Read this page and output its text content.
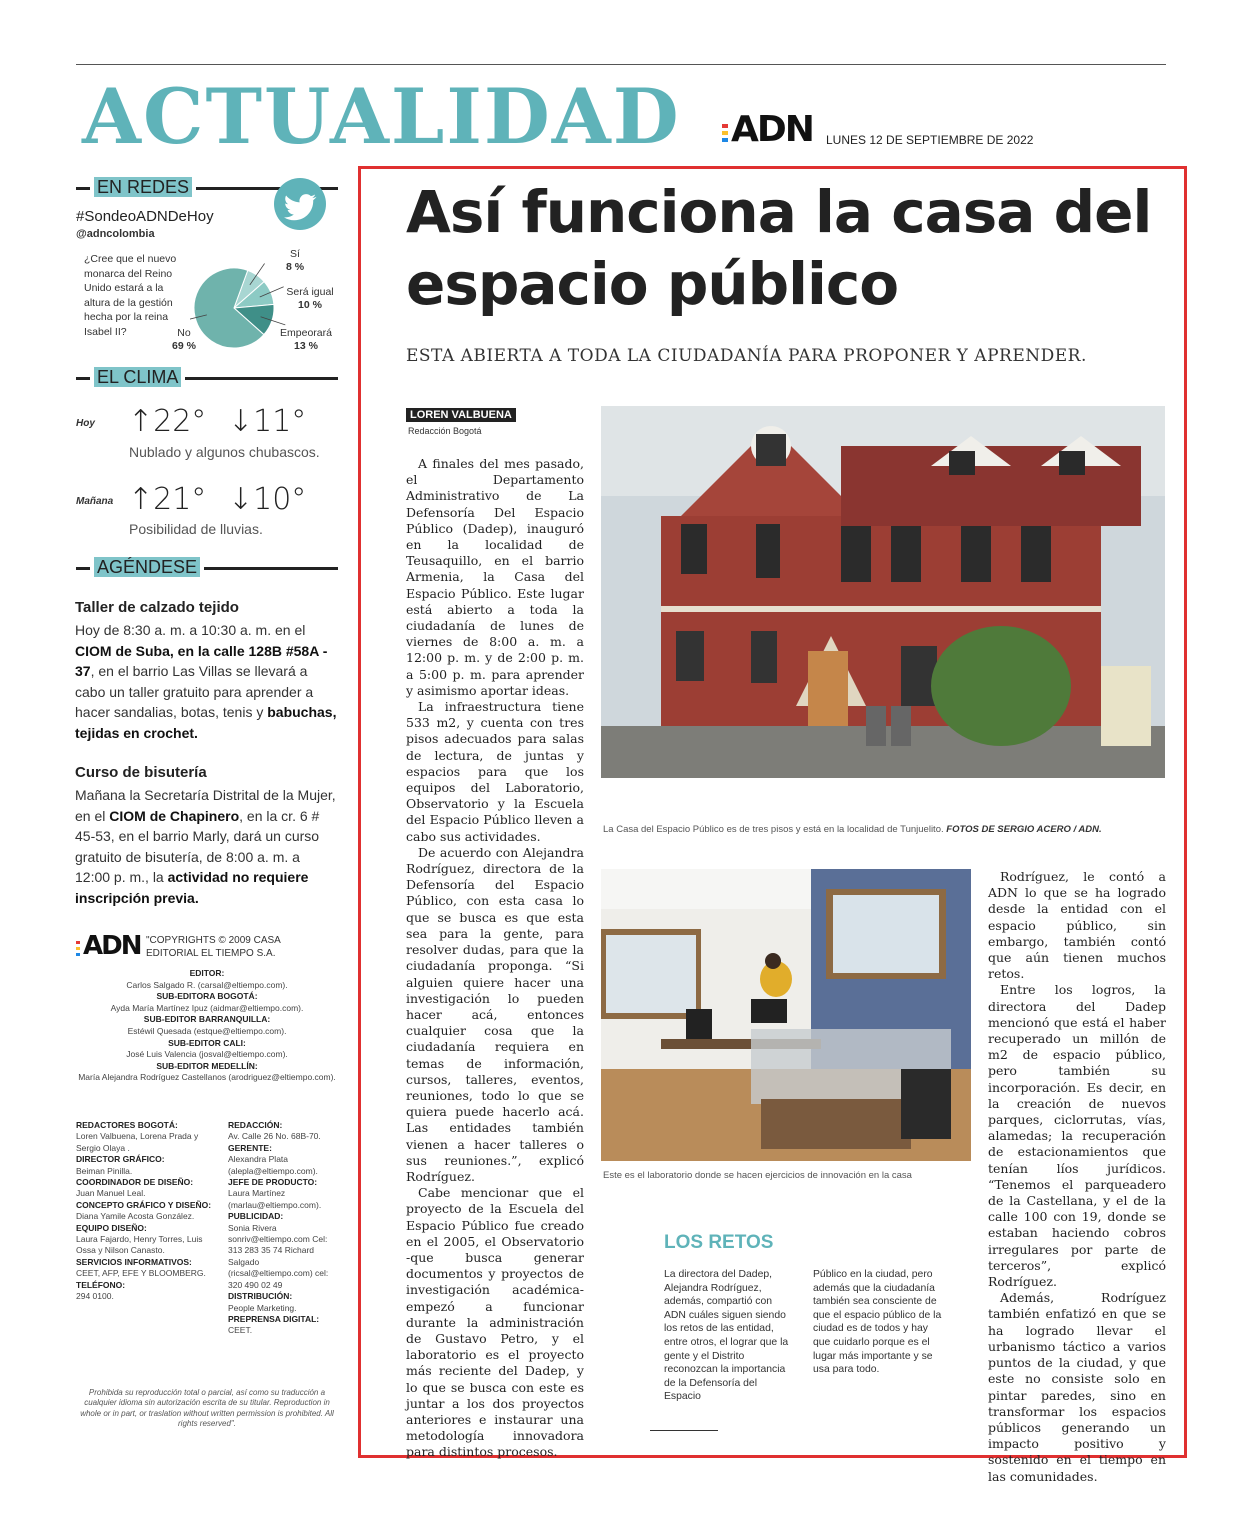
ACTUALIDAD ADN LUNES 12 DE SEPTIEMBRE DE 2022
EN REDES
#SondeoADNDeHoy
@adncolombia
¿Cree que el nuevo monarca del Reino Unido estará a la altura de la gestión hecha por la reina Isabel II?
Sí
8 %
Será igual
10 %
Empeorará
13 %
No
69 %
EL CLIMA
Hoy ↑22° ↓11°
Nublado y algunos chubascos.
Mañana ↑21° ↓10°
Posibilidad de lluvias.
AGÉNDESE
Taller de calzado tejido
Hoy de 8:30 a. m. a 10:30 a. m. en el CIOM de Suba, en la calle 128B #58A - 37, en el barrio Las Villas se llevará a cabo un taller gratuito para aprender a hacer sandalias, botas, tenis y babuchas, tejidas en crochet.
Curso de bisutería
Mañana la Secretaría Distrital de la Mujer, en el CIOM de Chapinero, en la cr. 6 # 45-53, en el barrio Marly, dará un curso gratuito de bisutería, de 8:00 a. m. a 12:00 p. m., la actividad no requiere inscripción previa.
ADN "COPYRIGHTS © 2009 CASA EDITORIAL EL TIEMPO S.A.
EDITOR:
Carlos Salgado R. (carsal@eltiempo.com).
SUB-EDITORA BOGOTÁ:
Ayda María Martínez Ipuz (aidmar@eltiempo.com).
SUB-EDITOR BARRANQUILLA:
Estéwil Quesada (estque@eltiempo.com).
SUB-EDITOR CALI:
José Luis Valencia (josval@eltiempo.com).
SUB-EDITOR MEDELLÍN:
María Alejandra Rodríguez Castellanos (arodriguez@eltiempo.com).
REDACTORES BOGOTÁ:
Loren Valbuena, Lorena Prada y Sergio Olaya .
DIRECTOR GRÁFICO:
Beiman Pinilla.
COORDINADOR DE DISEÑO:
Juan Manuel Leal.
CONCEPTO GRÁFICO Y DISEÑO:
Diana Yamile Acosta González.
EQUIPO DISEÑO:
Laura Fajardo, Henry Torres, Luis Ossa y Nilson Canasto.
SERVICIOS INFORMATIVOS:
CEET, AFP, EFE Y BLOOMBERG.
TELÉFONO:
294 0100.
REDACCIÓN:
Av. Calle 26 No. 68B-70.
GERENTE:
Alexandra Plata (alepla@eltiempo.com).
JEFE DE PRODUCTO:
Laura Martínez (marlau@eltiempo.com).
PUBLICIDAD:
Sonia Rivera sonriv@eltiempo.com Cel: 313 283 35 74 Richard Salgado (ricsal@eltiempo.com) cel: 320 490 02 49
DISTRIBUCIÓN:
People Marketing.
PREPRENSA DIGITAL:
CEET.
Prohibida su reproducción total o parcial, así como su traducción a cualquier idioma sin autorización escrita de su titular. Reproduction in whole or in part, or traslation without written permission is prohibited. All rights reserved".
Así funciona la casa del espacio público
ESTA ABIERTA A TODA LA CIUDADANÍA PARA PROPONER Y APRENDER.
LOREN VALBUENA
Redacción Bogotá

A finales del mes pasado, el Departamento Administrativo de La Defensoría Del Espacio Público (Dadep), inauguró en la localidad de Teusaquillo, en el barrio Armenia, la Casa del Espacio Público. Este lugar está abierto a toda la ciudadanía de lunes de viernes de 8:00 a. m. a 12:00 p. m. y de 2:00 p. m. a 5:00 p. m. para aprender y asimismo aportar ideas.

La infraestructura tiene 533 m2, y cuenta con tres pisos adecuados para salas de lectura, de juntas y espacios para que los equipos del Laboratorio, Observatorio y la Escuela del Espacio Público lleven a cabo sus actividades.

De acuerdo con Alejandra Rodríguez, directora de la Defensoría del Espacio Público, con esta casa lo que se busca es que esta sea para la gente, para resolver dudas, para que la ciudadanía proponga. “Si alguien quiere hacer una investigación lo pueden hacer acá, entonces cualquier cosa que la ciudadanía requiera en temas de información, cursos, talleres, eventos, reuniones, todo lo que se quiera puede hacerlo acá. Las entidades también vienen a hacer talleres o sus reuniones.”, explicó Rodríguez.

Cabe mencionar que el proyecto de la Escuela del Espacio Público fue creado en el 2005, el Observatorio -que busca generar documentos y proyectos de investigación académica- empezó a funcionar durante la administración de Gustavo Petro, y el laboratorio es el proyecto más reciente del Dadep, y lo que se busca con este es juntar a los dos proyectos anteriores e instaurar una metodología innovadora para distintos procesos.

Rodríguez, le contó a ADN lo que se ha logrado desde la entidad con el espacio público, sin embargo, también contó que aún tienen muchos retos.

Entre los logros, la directora del Dadep mencionó que está el haber recuperado un millón de m2 de espacio público, pero también su incorporación. Es decir, en la creación de nuevos parques, ciclorrutas, vías, alamedas; la recuperación de estacionamientos que tenían líos jurídicos. “Tenemos el parqueadero de la Castellana, y el de la calle 100 con 19, donde se estaban haciendo cobros irregulares por parte de terceros”, explicó Rodríguez.

Además, Rodríguez también enfatizó en que se ha logrado llevar el urbanismo táctico a varios puntos de la ciudad, y que este no consiste solo en pintar paredes, sino en transformar los espacios públicos generando un impacto positivo y sostenido en el tiempo en las comunidades.

La Casa del Espacio Público es de tres pisos y está en la localidad de Tunjuelito. FOTOS DE SERGIO ACERO / ADN.
Este es el laboratorio donde se hacen ejercicios de innovación en la casa
LOS RETOS
La directora del Dadep, Alejandra Rodríguez, además, compartió con ADN cuáles siguen siendo los retos de las entidad, entre otros, el lograr que la gente y el Distrito reconozcan la importancia de la Defensoría del Espacio
Público en la ciudad, pero además que la ciudadanía también sea consciente de que el espacio público de la ciudad es de todos y hay que cuidarlo porque es el lugar más importante y se usa para todo.
